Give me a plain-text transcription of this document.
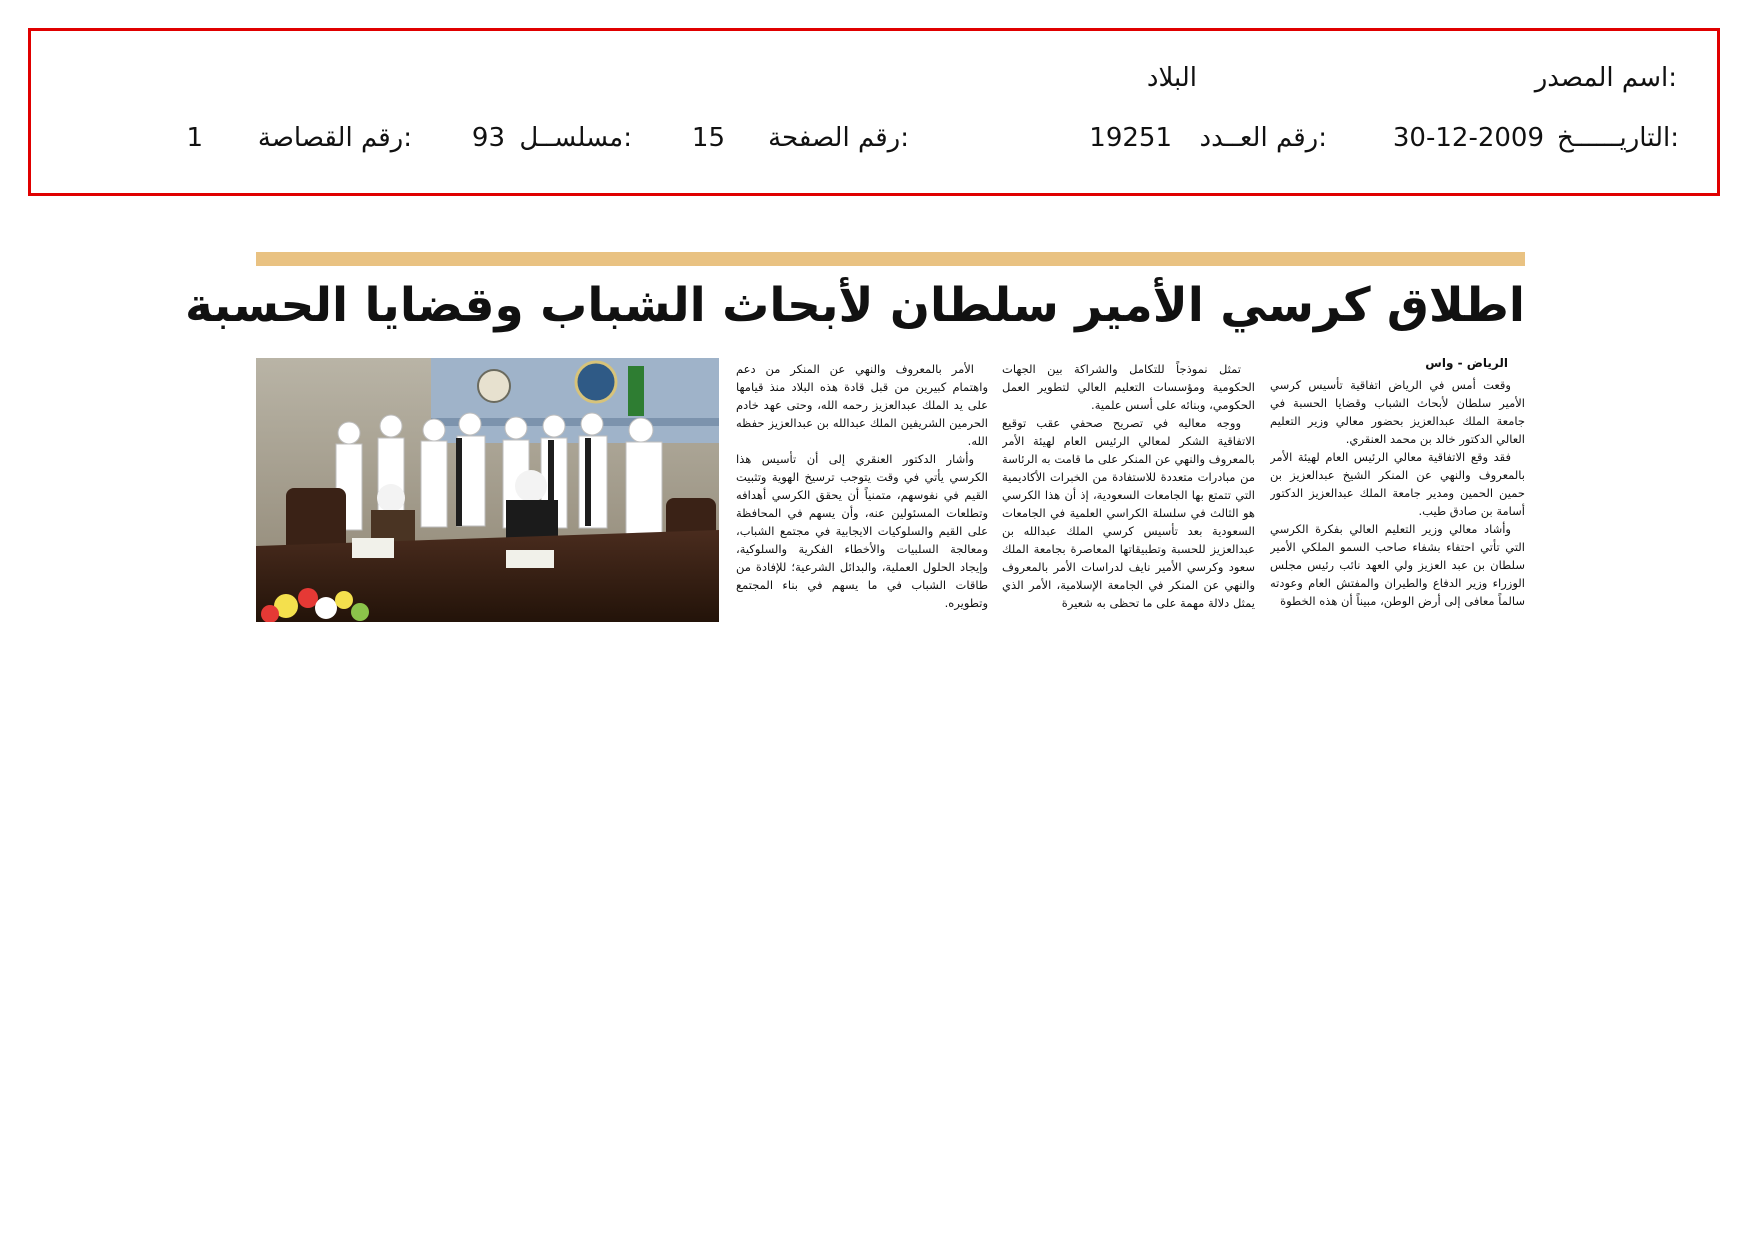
اسم المصدر:
البلاد
التاريــــــخ:
30-12-2009
رقم العــدد:
19251
رقم الصفحة:
15
مسلســل:
93
رقم القصاصة:
1
اطلاق كرسي الأمير سلطان لأبحاث الشباب وقضايا الحسبة
الرياض - واس

وقعت أمس في الرياض اتفاقية تأسيس كرسي الأمير سلطان لأبحاث الشباب وقضايا الحسبة في جامعة الملك عبدالعزيز بحضور معالي وزير التعليم العالي الدكتور خالد بن محمد العنقري.

فقد وقع الاتفاقية معالي الرئيس العام لهيئة الأمر بالمعروف والنهي عن المنكر الشيخ عبدالعزيز بن حمين الحمين ومدير جامعة الملك عبدالعزيز الدكتور أسامة بن صادق طيب.

وأشاد معالي وزير التعليم العالي بفكرة الكرسي التي تأتي احتفاء بشفاء صاحب السمو الملكي الأمير سلطان بن عبد العزيز ولي العهد نائب رئيس مجلس الوزراء وزير الدفاع والطيران والمفتش العام وعودته سالماً معافى إلى أرض الوطن، مبيناً أن هذه الخطوة

تمثل نموذجاً للتكامل والشراكة بين الجهات الحكومية ومؤسسات التعليم العالي لتطوير العمل الحكومي، وبنائه على أسس علمية.

ووجه معاليه في تصريح صحفي عقب توقيع الاتفاقية الشكر لمعالي الرئيس العام لهيئة الأمر بالمعروف والنهي عن المنكر على ما قامت به الرئاسة من مبادرات متعددة للاستفادة من الخبرات الأكاديمية التي تتمتع بها الجامعات السعودية، إذ أن هذا الكرسي هو الثالث في سلسلة الكراسي العلمية في الجامعات السعودية بعد تأسيس كرسي الملك عبدالله بن عبدالعزيز للحسبة وتطبيقاتها المعاصرة بجامعة الملك سعود وكرسي الأمير نايف لدراسات الأمر بالمعروف والنهي عن المنكر في الجامعة الإسلامية، الأمر الذي يمثل دلالة مهمة على ما تحظى به شعيرة

الأمر بالمعروف والنهي عن المنكر من دعم واهتمام كبيرين من قبل قادة هذه البلاد منذ قيامها على يد الملك عبدالعزيز رحمه الله، وحتى عهد خادم الحرمين الشريفين الملك عبدالله بن عبدالعزيز حفظه الله.

وأشار الدكتور العنقري إلى أن تأسيس هذا الكرسي يأتي في وقت يتوجب ترسيخ الهوية وتثبيت القيم في نفوسهم، متمنياً أن يحقق الكرسي أهدافه وتطلعات المسئولين عنه، وأن يسهم في المحافظة على القيم والسلوكيات الايجابية في مجتمع الشباب، ومعالجة السلبيات والأخطاء الفكرية والسلوكية، وإيجاد الحلول العملية، والبدائل الشرعية؛ للإفادة من طاقات الشباب في ما يسهم في بناء المجتمع وتطويره.
